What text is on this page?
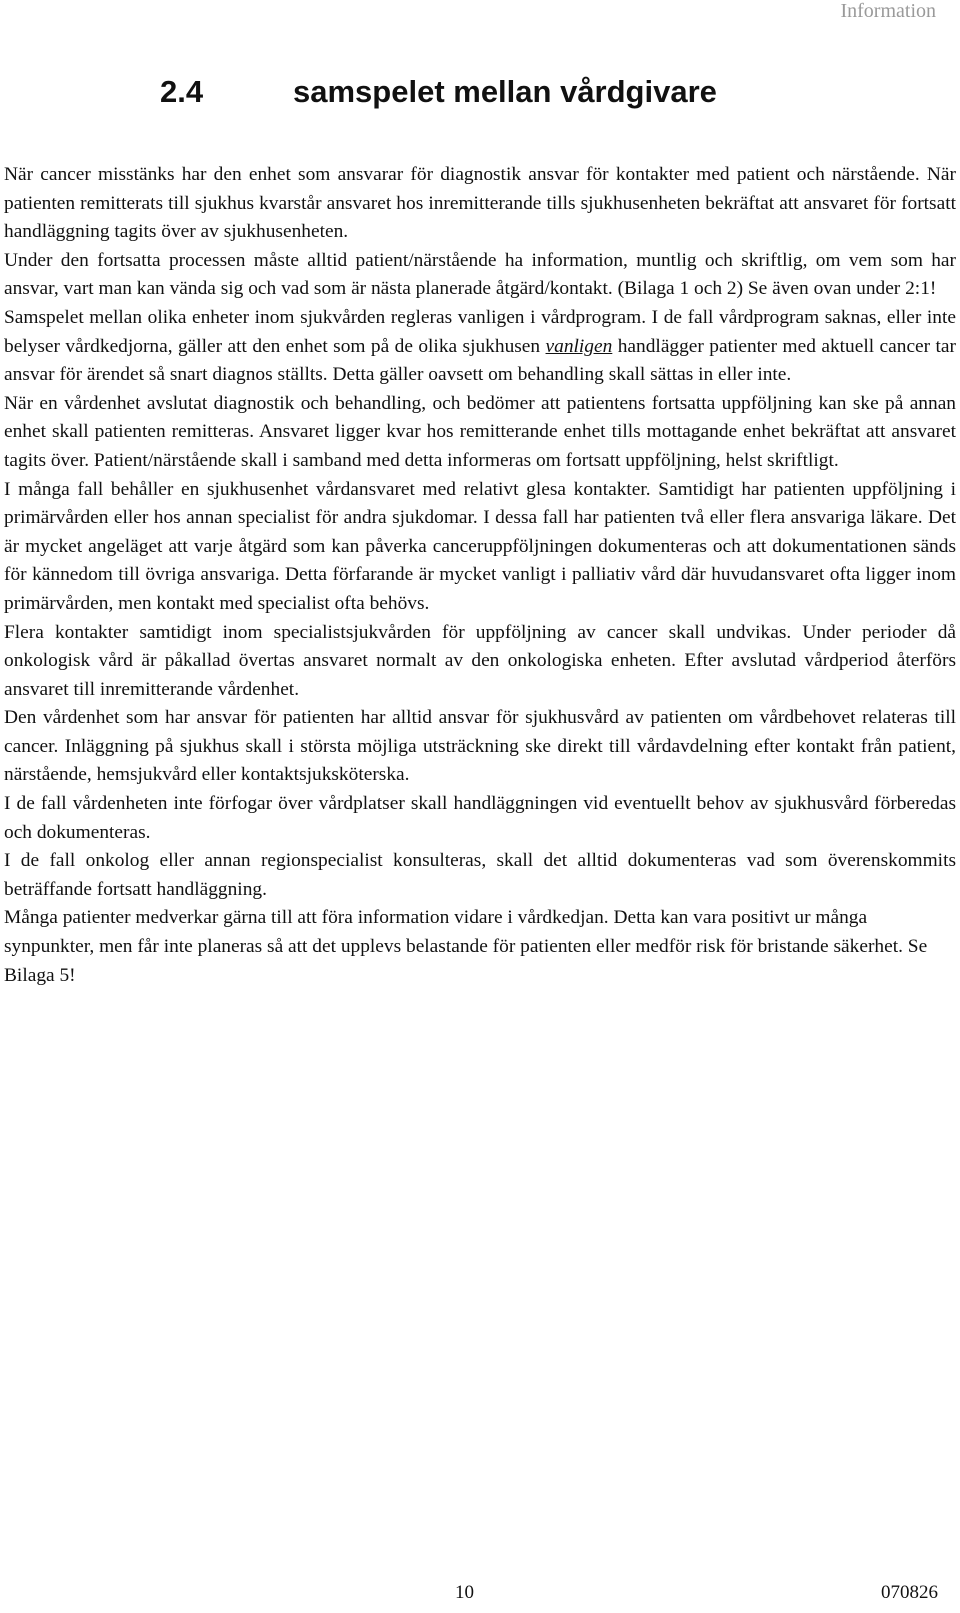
Information
2.4	samspelet mellan vårdgivare

När cancer misstänks har den enhet som ansvarar för diagnostik ansvar för kontakter med patient och närstående. När patienten remitterats till sjukhus kvarstår ansvaret hos inremitterande tills sjukhusenheten bekräftat att ansvaret för fortsatt handläggning tagits över av sjukhusenheten.

Under den fortsatta processen måste alltid patient/närstående ha information, muntlig och skriftlig, om vem som har ansvar, vart man kan vända sig och vad som är nästa planerade åtgärd/kontakt. (Bilaga 1 och 2) Se även ovan under 2:1!

Samspelet mellan olika enheter inom sjukvården regleras vanligen i vårdprogram. I de fall vårdprogram saknas, eller inte belyser vårdkedjorna, gäller att den enhet som på de olika sjukhusen vanligen handlägger patienter med aktuell cancer tar ansvar för ärendet så snart diagnos ställts. Detta gäller oavsett om behandling skall sättas in eller inte.

När en vårdenhet avslutat diagnostik och behandling, och bedömer att patientens fortsatta uppföljning kan ske på annan enhet skall patienten remitteras. Ansvaret ligger kvar hos remitterande enhet tills mottagande enhet bekräftat att ansvaret tagits över. Patient/närstående skall i samband med detta informeras om fortsatt uppföljning, helst skriftligt.

I många fall behåller en sjukhusenhet vårdansvaret med relativt glesa kontakter. Samtidigt har patienten uppföljning i primärvården eller hos annan specialist för andra sjukdomar. I dessa fall har patienten två eller flera ansvariga läkare. Det är mycket angeläget att varje åtgärd som kan påverka canceruppföljningen dokumenteras och att dokumentationen sänds för kännedom till övriga ansvariga. Detta förfarande är mycket vanligt i palliativ vård där huvudansvaret ofta ligger inom primärvården, men kontakt med specialist ofta behövs.

Flera kontakter samtidigt inom specialistsjukvården för uppföljning av cancer skall undvikas. Under perioder då onkologisk vård är påkallad övertas ansvaret normalt av den onkologiska enheten. Efter avslutad vårdperiod återförs ansvaret till inremitterande vårdenhet.

Den vårdenhet som har ansvar för patienten har alltid ansvar för sjukhusvård av patienten om vårdbehovet relateras till cancer. Inläggning på sjukhus skall i största möjliga utsträckning ske direkt till vårdavdelning efter kontakt från patient, närstående, hemsjukvård eller kontaktsjuksköterska.

I de fall vårdenheten inte förfogar över vårdplatser skall handläggningen vid eventuellt behov av sjukhusvård förberedas och dokumenteras.

I de fall onkolog eller annan regionspecialist konsulteras, skall det alltid dokumenteras vad som överenskommits beträffande fortsatt handläggning.

Många patienter medverkar gärna till att föra information vidare i vårdkedjan. Detta kan vara positivt ur många synpunkter, men får inte planeras så att det upplevs belastande för patienten eller medför risk för bristande säkerhet. Se Bilaga 5!

10	070826
